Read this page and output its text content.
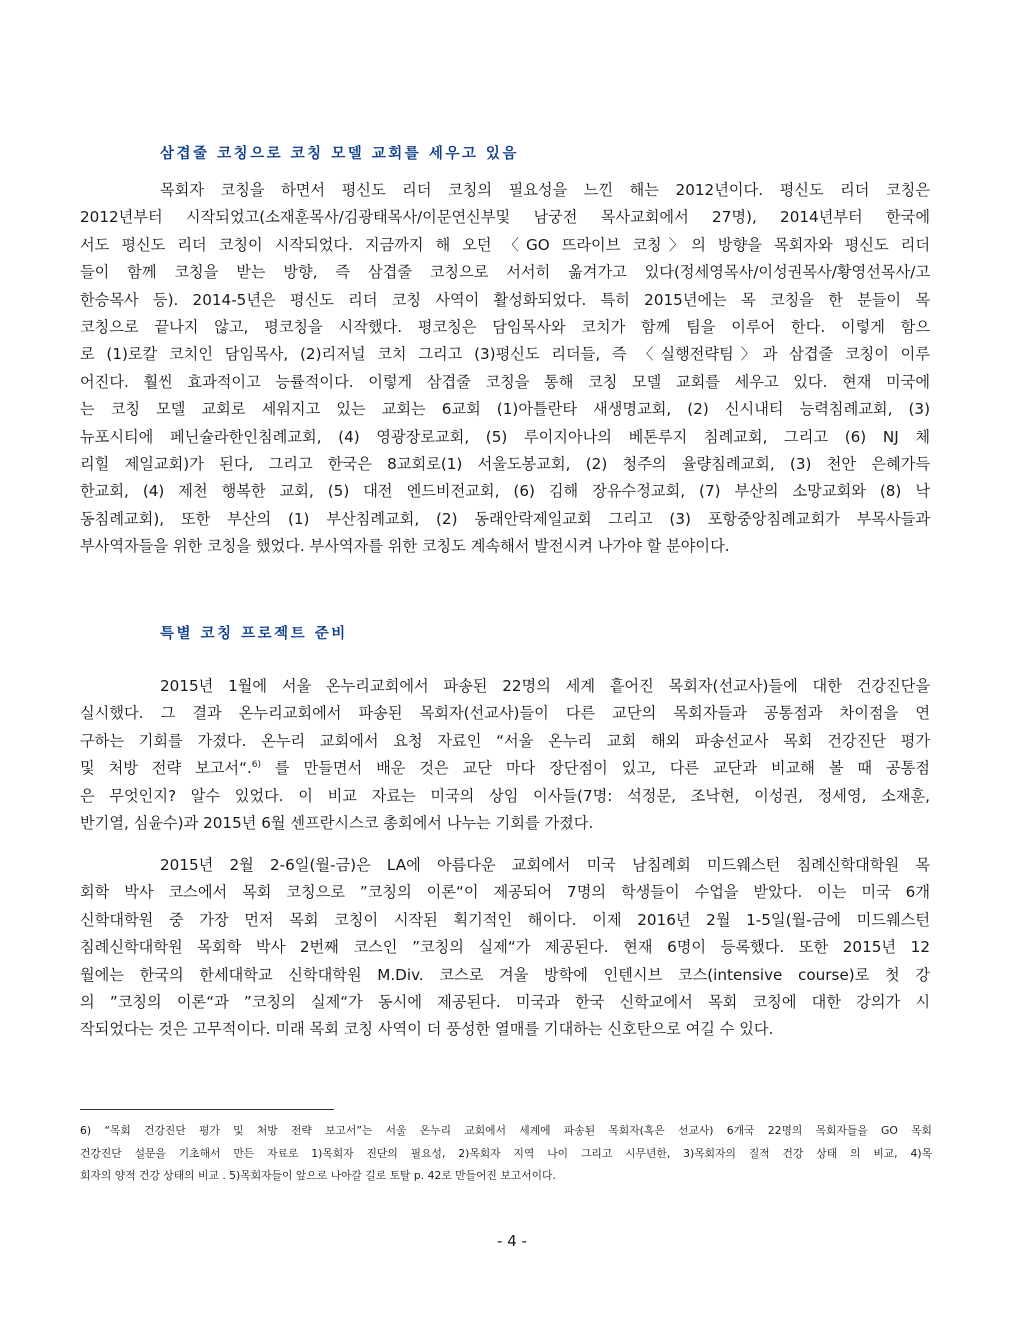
삼겹줄 코칭으로 코칭 모델 교회를 세우고 있음
목회자 코칭을 하면서 평신도 리더 코칭의 필요성을 느낀 해는 2012년이다. 평신도 리더 코칭은
2012년부터 시작되었고(소재훈목사/김광태목사/이문연신부및 남궁전 목사교회에서 27명), 2014년부터 한국에
서도 평신도 리더 코칭이 시작되었다. 지금까지 해 오던 〈GO 뜨라이브 코칭〉의 방향을 목회자와 평신도 리더
들이 함께 코칭을 받는 방향, 즉 삼겹줄 코칭으로 서서히 옮겨가고 있다(정세영목사/이성권목사/황영선목사/고
한승목사 등). 2014-5년은 평신도 리더 코칭 사역이 활성화되었다. 특히 2015년에는 목 코칭을 한 분들이 목
코칭으로 끝나지 않고, 평코칭을 시작했다. 평코칭은 담임목사와 코치가 함께 팀을 이루어 한다. 이렇게 함으
로 (1)로칼 코치인 담임목사, (2)리저널 코치 그리고 (3)평신도 리더들, 즉 〈실행전략팀〉과 삼겹줄 코칭이 이루
어진다. 훨씬 효과적이고 능률적이다. 이렇게 삼겹줄 코칭을 통해 코칭 모델 교회를 세우고 있다. 현재 미국에
는 코칭 모델 교회로 세워지고 있는 교회는 6교회 (1)아틀란타 새생명교회, (2) 신시내티 능력침례교회, (3)
뉴포시티에 페닌슐라한인침례교회, (4) 영광장로교회, (5) 루이지아나의 베톤루지 침례교회, 그리고 (6) NJ 체
리힐 제일교회)가 된다, 그리고 한국은 8교회로(1) 서울도봉교회, (2) 청주의 율량침례교회, (3) 천안 은혜가득
한교회, (4) 제천 행복한 교회, (5) 대전 엔드비전교회, (6) 김해 장유수정교회, (7) 부산의 소망교회와 (8) 낙
동침례교회), 또한 부산의 (1) 부산침례교회, (2) 동래안락제일교회 그리고 (3) 포항중앙침례교회가 부목사들과
부사역자들을 위한 코칭을 했었다. 부사역자를 위한 코칭도 계속해서 발전시켜 나가야 할 분야이다.
특별 코칭 프로젝트 준비
2015년 1월에 서울 온누리교회에서 파송된 22명의 세계 흩어진 목회자(선교사)들에 대한 건강진단을
실시했다. 그 결과 온누리교회에서 파송된 목회자(선교사)들이 다른 교단의 목회자들과 공통점과 차이점을 연
구하는 기회를 가졌다. 온누리 교회에서 요청 자료인 “서울 온누리 교회 해외 파송선교사 목회 건강진단 평가
및 처방 전략 보고서“.$^{6)}$ 를 만들면서 배운 것은 교단 마다 장단점이 있고, 다른 교단과 비교해 볼 때 공통점
은 무엇인지? 알수 있었다. 이 비교 자료는 미국의 상임 이사들(7명: 석정문, 조낙현, 이성권, 정세영, 소재훈,
반기열, 심윤수)과 2015년 6월 센프란시스코 총회에서 나누는 기회를 가졌다.
2015년 2월 2-6일(월-금)은 LA에 아름다운 교회에서 미국 남침례회 미드웨스턴 침례신학대학원 목
회학 박사 코스에서 목회 코칭으로 ”코칭의 이론“이 제공되어 7명의 학생들이 수업을 받았다. 이는 미국 6개
신학대학원 중 가장 먼저 목회 코칭이 시작된 획기적인 해이다. 이제 2016년 2월 1-5일(월-금에 미드웨스턴
침례신학대학원 목회학 박사 2번째 코스인 ”코칭의 실제“가 제공된다. 현재 6명이 등록했다. 또한 2015년 12
월에는 한국의 한세대학교 신학대학원 M.Div. 코스로 겨울 방학에 인텐시브 코스(intensive course)로 첫 강
의 ”코칭의 이론“과 ”코칭의 실제“가 동시에 제공된다. 미국과 한국 신학교에서 목회 코칭에 대한 강의가 시
작되었다는 것은 고무적이다. 미래 목회 코칭 사역이 더 풍성한 열매를 기대하는 신호탄으로 여길 수 있다.
6) “목회 건강진단 평가 및 처방 전략 보고서”는 서울 온누리 교회에서 세계에 파송된 목회자(혹은 선교사) 6개국 22명의 목회자들을 GO 목회
건강진단 설문을 기초해서 만든 자료로 1)목회자 진단의 필요성, 2)목회자 지역 나이 그리고 시무년한, 3)목회자의 질적 건강 상태 의 비교, 4)목
회자의 양적 건강 상태의 비교 . 5)목회자들이 앞으로 나아갈 길로 토탈 p. 42로 만들어진 보고서이다.
- 4 -
